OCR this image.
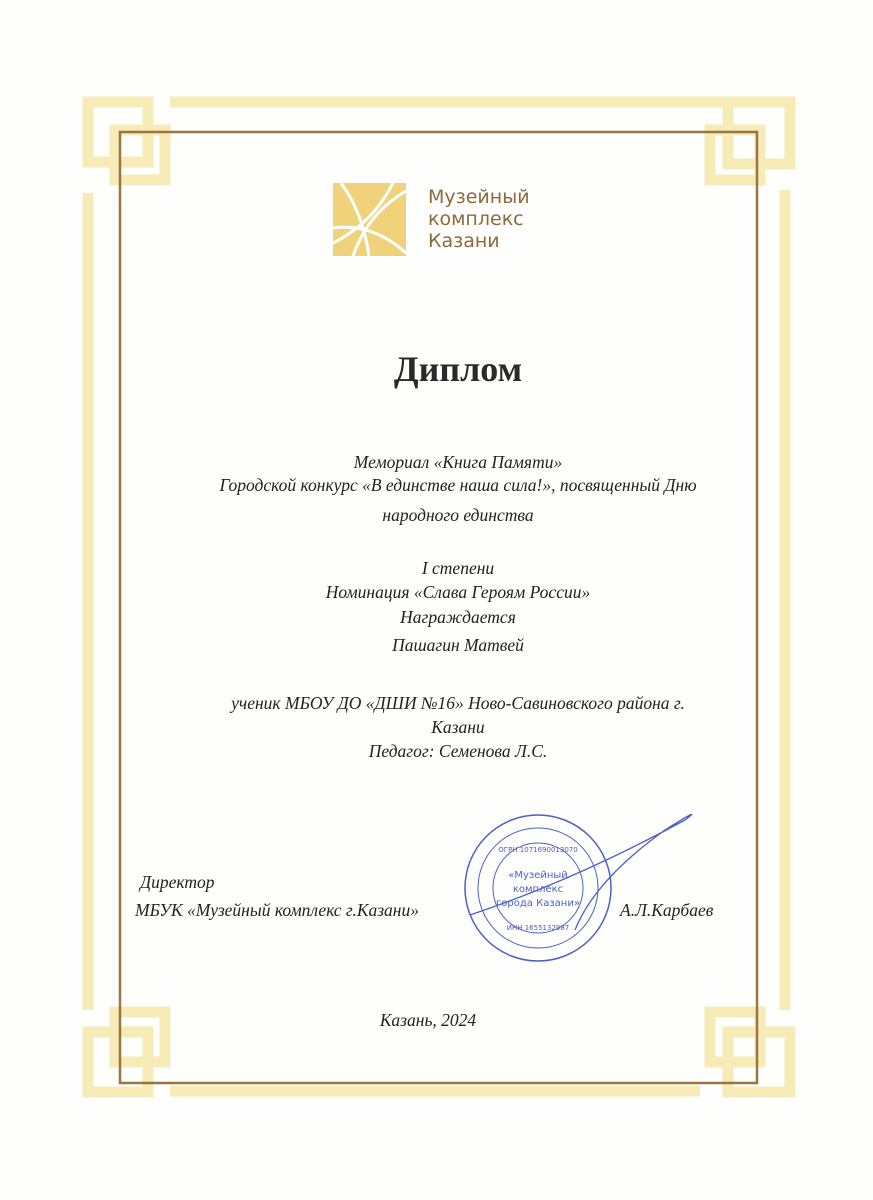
Музейный
комплекс
Казани
Диплом
Мемориал «Книга Памяти»
Городской конкурс «В единстве наша сила!», посвященный Дню
народного единства
I степени
Номинация «Слава Героям России»
Награждается
Пашагин Матвей
ученик МБОУ ДО «ДШИ №16» Ново-Савиновского района г.
Казани
Педагог: Семенова Л.С.
«Музейный
комплекс
города Казани»
ОГРН 1071690013070
ИНН 1655132987
Директор
МБУК «Музейный комплекс г.Казани»	А.Л.Карбаев
Казань, 2024
